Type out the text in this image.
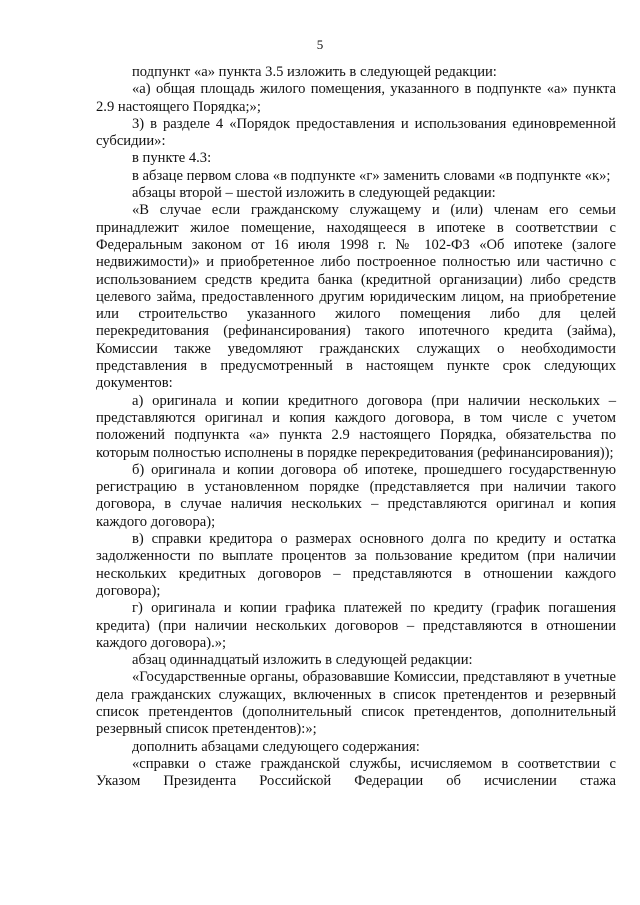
5

подпункт «а» пункта 3.5 изложить в следующей редакции:

«а) общая площадь жилого помещения, указанного в подпункте «а» пункта 2.9 настоящего Порядка;»;

3) в разделе 4 «Порядок предоставления и использования единовременной субсидии»:

в пункте 4.3:

в абзаце первом слова «в подпункте «г» заменить словами «в подпункте «к»;

абзацы второй – шестой изложить в следующей редакции:

«В случае если гражданскому служащему и (или) членам его семьи принадлежит жилое помещение, находящееся в ипотеке в соответствии с Федеральным законом от 16 июля 1998 г. № 102-ФЗ «Об ипотеке (залоге недвижимости)» и приобретенное либо построенное полностью или частично с использованием средств кредита банка (кредитной организации) либо средств целевого займа, предоставленного другим юридическим лицом, на приобретение или строительство указанного жилого помещения либо для целей перекредитования (рефинансирования) такого ипотечного кредита (займа), Комиссии также уведомляют гражданских служащих о необходимости представления в предусмотренный в настоящем пункте срок следующих документов:

а) оригинала и копии кредитного договора (при наличии нескольких – представляются оригинал и копия каждого договора, в том числе с учетом положений подпункта «а» пункта 2.9 настоящего Порядка, обязательства по которым полностью исполнены в порядке перекредитования (рефинансирования));

б) оригинала и копии договора об ипотеке, прошедшего государственную регистрацию в установленном порядке (представляется при наличии такого договора, в случае наличия нескольких – представляются оригинал и копия каждого договора);

в) справки кредитора о размерах основного долга по кредиту и остатка задолженности по выплате процентов за пользование кредитом (при наличии нескольких кредитных договоров – представляются в отношении каждого договора);

г) оригинала и копии графика платежей по кредиту (график погашения кредита) (при наличии нескольких договоров – представляются в отношении каждого договора).»;

абзац одиннадцатый изложить в следующей редакции:

«Государственные органы, образовавшие Комиссии, представляют в учетные дела гражданских служащих, включенных в список претендентов и резервный список претендентов (дополнительный список претендентов, дополнительный резервный список претендентов):»;

дополнить абзацами следующего содержания:

«справки о стаже гражданской службы, исчисляемом в соответствии с Указом Президента Российской Федерации об исчислении стажа
